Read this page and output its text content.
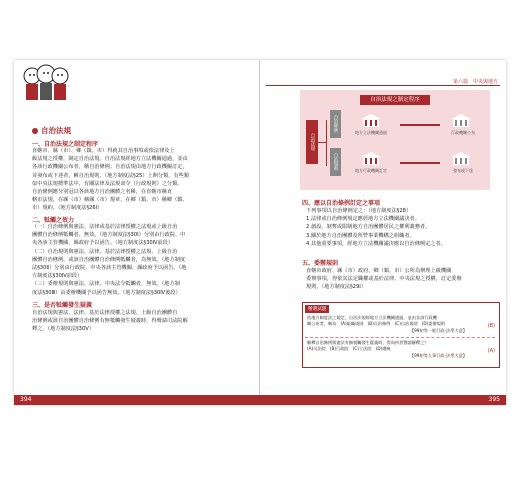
自治法規
一、自治法規之制定程序
直轄市、縣（市）、鄉（鎮、市）得就其自治事項或依法律及上
級法規之授權，制定自治法規。自治法規經地方立法機關通過，並由
各該行政機關公布者，稱自治條例；自治法規由地方行政機關訂定，
並發布或下達者，稱自治規則。（地方制度法§25）上開分類，有些類
似中央法規標準法中，有關法律及法規命令（行政規則）之分類。
自治條例應分別冠以各該地方自治團體之名稱，在直轄市稱直
轄市法規，在縣（市）稱縣（市）規章，在鄉（鎮、市）稱鄉（鎮、
市）規約。（地方制度法§26Ⅰ）
二、牴觸之效力
（一）自治條例與憲法、法律或基於法律授權之法規或上級自治
團體自治條例牴觸者，無效。（地方制度法§30Ⅰ）分別由行政院、中
央各該主管機關、縣政府予以函告。（地方制度法§30Ⅳ前段）
（二）自治規則與憲法、法律、基於法律授權之法規、上級自治
團體自治條例，或該自治團體自治條例牴觸者，為無效。（地方制度
法§30Ⅱ）分別由行政院、中央各該主管機關、縣政府予以函告。（地
方制度法§30Ⅳ前段）
（三）委辦規則與憲法、法律、中央法令牴觸者，無效。（地方制
度法§30Ⅲ）由委辦機關予以函告無效。（地方制度法§30Ⅳ後段）
三、是否牴觸發生疑義
自治法規與憲法、法律、基於法律授權之法規、上級自治團體自
治條例或該自治團體自治條例有無牴觸發生疑義時，得聲請司法院解
釋之。（地方制度法§30Ⅴ）
394
第六篇　中央與地方
自治法規之制定程序
自治法規
自治條例
自治規則
地方立法機關通過
地方行政機關訂定
行政機關公布
發布或下達
四、應以自治條例訂定之事項
下列事項以自治條例定之：（地方制度法§28）
1.法律或自治條例規定應經地方立法機關議決者。
2.創設、剝奪或限制地方自治團體居民之權利義務者。
3.關於地方自治團體及所營事業機構之組織者。
4.其他重要事項，經地方立法機關議決應以自治條例定之者。
五、委辦規則
直轄市政府、縣（市）政府、鄉（鎮、市）公所為辦理上級機關
委辦事項，得依其法定職權或基於法律、中央法規之授權，訂定委辦
規則。（地方制度法§29Ⅰ）
精選試題
依地方制度法之規定，自治法規經地方立法機關通過，並由各該行政機
關公布者，稱為：(A)組織規則　(B)自治條例　(C)自治規則　(D)委辦規則
【99初等一般行政-法學大意】
(B)
解釋自治條例與憲法有無牴觸發生疑義時，得向何者聲請解釋之？
(A)司法院　(B)行政院　(C)立法院　(D)總統
【99初等人事行政-法學大意】
(A)
395
